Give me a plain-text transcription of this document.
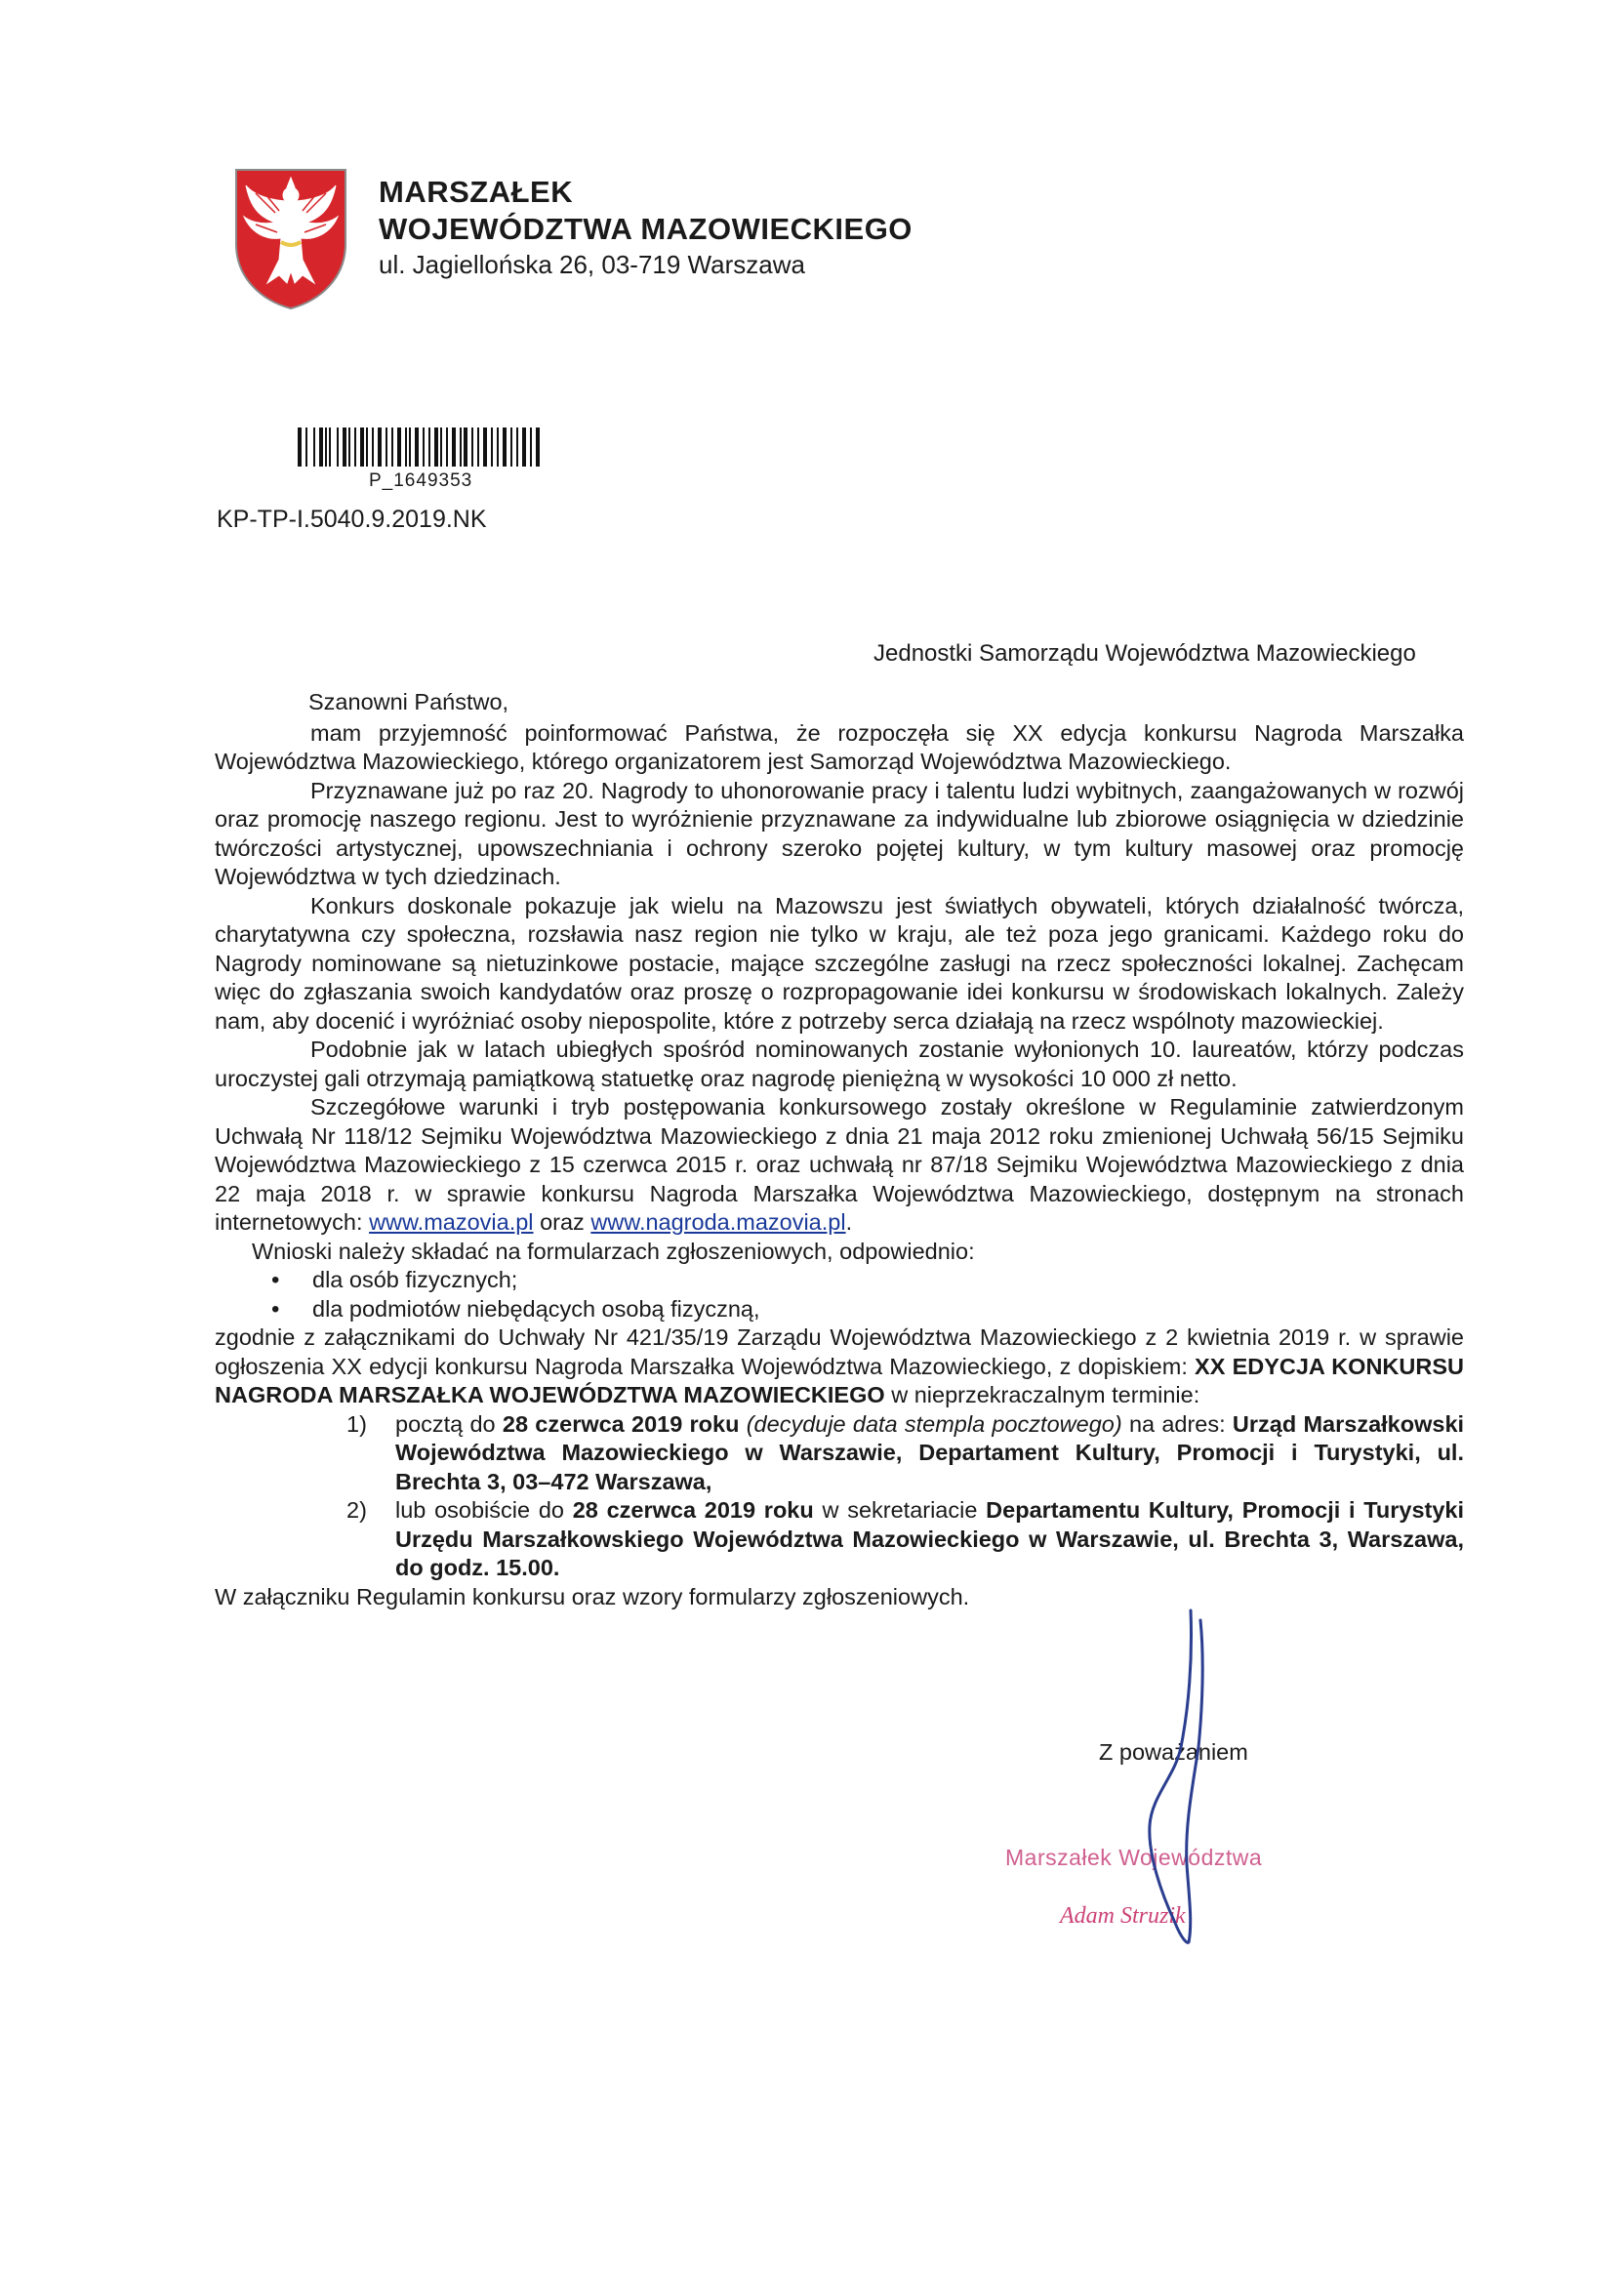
MARSZAŁEK
WOJEWÓDZTWA MAZOWIECKIEGO
ul. Jagiellońska 26, 03-719 Warszawa
P_1649353
KP-TP-I.5040.9.2019.NK
Jednostki Samorządu Województwa Mazowieckiego

Szanowni Państwo,

mam przyjemność poinformować Państwa, że rozpoczęła się XX edycja konkursu Nagroda Marszałka Województwa Mazowieckiego, którego organizatorem jest Samorząd Województwa Mazowieckiego.

Przyznawane już po raz 20. Nagrody to uhonorowanie pracy i talentu ludzi wybitnych, zaangażowanych w rozwój oraz promocję naszego regionu. Jest to wyróżnienie przyznawane za indywidualne lub zbiorowe osiągnięcia w dziedzinie twórczości artystycznej, upowszechniania i ochrony szeroko pojętej kultury, w tym kultury masowej oraz promocję Województwa w tych dziedzinach.

Konkurs doskonale pokazuje jak wielu na Mazowszu jest światłych obywateli, których działalność twórcza, charytatywna czy społeczna, rozsławia nasz region nie tylko w kraju, ale też poza jego granicami. Każdego roku do Nagrody nominowane są nietuzinkowe postacie, mające szczególne zasługi na rzecz społeczności lokalnej. Zachęcam więc do zgłaszania swoich kandydatów oraz proszę o rozpropagowanie idei konkursu w środowiskach lokalnych. Zależy nam, aby docenić i wyróżniać osoby niepospolite, które z potrzeby serca działają na rzecz wspólnoty mazowieckiej.

Podobnie jak w latach ubiegłych spośród nominowanych zostanie wyłonionych 10. laureatów, którzy podczas uroczystej gali otrzymają pamiątkową statuetkę oraz nagrodę pieniężną w wysokości 10 000 zł netto.

Szczegółowe warunki i tryb postępowania konkursowego zostały określone w Regulaminie zatwierdzonym Uchwałą Nr 118/12 Sejmiku Województwa Mazowieckiego z dnia 21 maja 2012 roku zmienionej Uchwałą 56/15 Sejmiku Województwa Mazowieckiego z 15 czerwca 2015 r. oraz uchwałą nr 87/18 Sejmiku Województwa Mazowieckiego z dnia 22 maja 2018 r. w sprawie konkursu Nagroda Marszałka Województwa Mazowieckiego, dostępnym na stronach internetowych: www.mazovia.pl oraz www.nagroda.mazovia.pl.

Wnioski należy składać na formularzach zgłoszeniowych, odpowiednio:

• dla osób fizycznych;
• dla podmiotów niebędących osobą fizyczną,

zgodnie z załącznikami do Uchwały Nr 421/35/19 Zarządu Województwa Mazowieckiego z 2 kwietnia 2019 r. w sprawie ogłoszenia XX edycji konkursu Nagroda Marszałka Województwa Mazowieckiego, z dopiskiem: XX EDYCJA KONKURSU NAGRODA MARSZAŁKA WOJEWÓDZTWA MAZOWIECKIEGO w nieprzekraczalnym terminie:

1) pocztą do 28 czerwca 2019 roku (decyduje data stempla pocztowego) na adres: Urząd Marszałkowski Województwa Mazowieckiego w Warszawie, Departament Kultury, Promocji i Turystyki, ul. Brechta 3, 03–472 Warszawa,
2) lub osobiście do 28 czerwca 2019 roku w sekretariacie Departamentu Kultury, Promocji i Turystyki Urzędu Marszałkowskiego Województwa Mazowieckiego w Warszawie, ul. Brechta 3, Warszawa, do godz. 15.00.

W załączniku Regulamin konkursu oraz wzory formularzy zgłoszeniowych.

Z poważaniem
Marszałek Województwa
Adam Struzik
